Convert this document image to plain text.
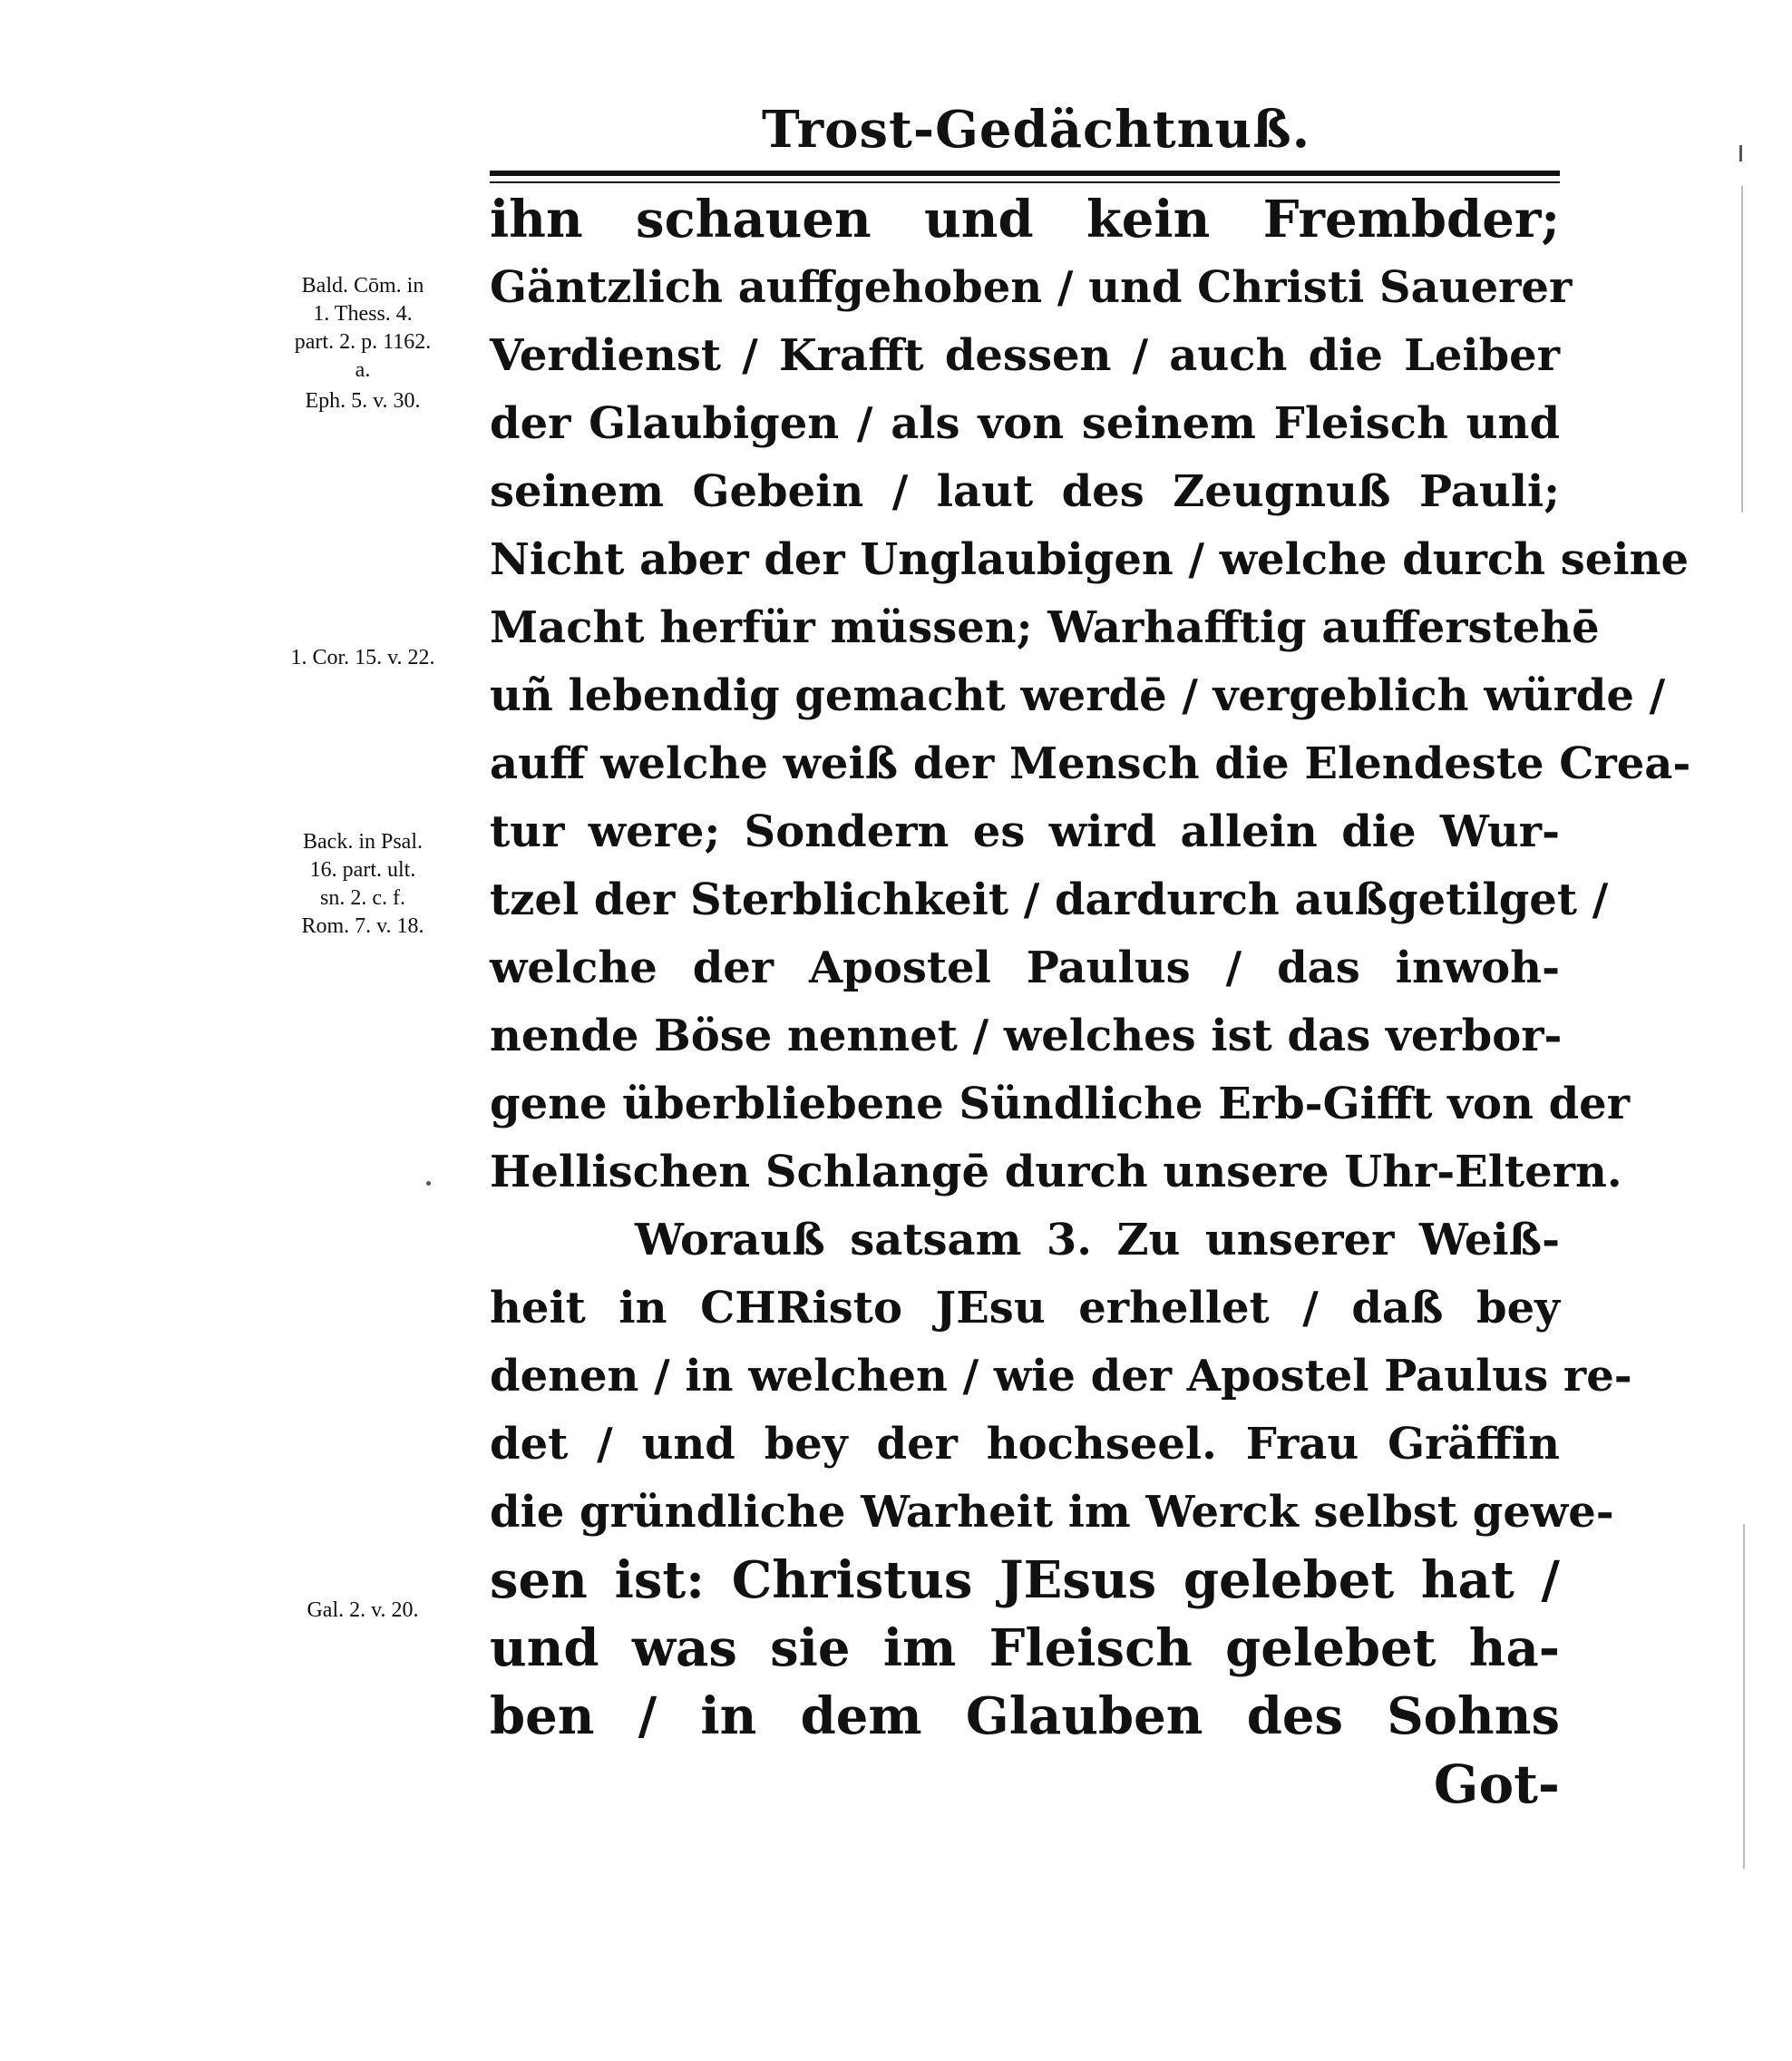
Trost-Gedächtnuß.
Bald. Cōm. in
1. Thess. 4.
part. 2. p. 1162.
a.
Eph. 5. v. 30.
1. Cor. 15. v. 22.
Back. in Psal.
16. part. ult.
sn. 2. c. f.
Rom. 7. v. 18.
Gal. 2. v. 20.
ihn schauen und kein Frembder;
Gäntzlich auffgehoben / und Christi Sauerer
Verdienst / Krafft dessen / auch die Leiber
der Glaubigen / als von seinem Fleisch und
seinem Gebein / laut des Zeugnuß Pauli;
Nicht aber der Unglaubigen / welche durch seine
Macht herfür müssen; Warhafftig aufferstehē
uñ lebendig gemacht werdē / vergeblich würde /
auff welche weiß der Mensch die Elendeste Crea-
tur were; Sondern es wird allein die Wur-
tzel der Sterblichkeit / dardurch außgetilget /
welche der Apostel Paulus / das inwoh-
nende Böse nennet / welches ist das verbor-
gene überbliebene Sündliche Erb-Gifft von der
Hellischen Schlangē durch unsere Uhr-Eltern.
Worauß satsam 3. Zu unserer Weiß-
heit in CHRisto JEsu erhellet / daß bey
denen / in welchen / wie der Apostel Paulus re-
det / und bey der hochseel. Frau Gräffin
die gründliche Warheit im Werck selbst gewe-
sen ist: Christus JEsus gelebet hat /
und was sie im Fleisch gelebet ha-
ben / in dem Glauben des Sohns
Got-
